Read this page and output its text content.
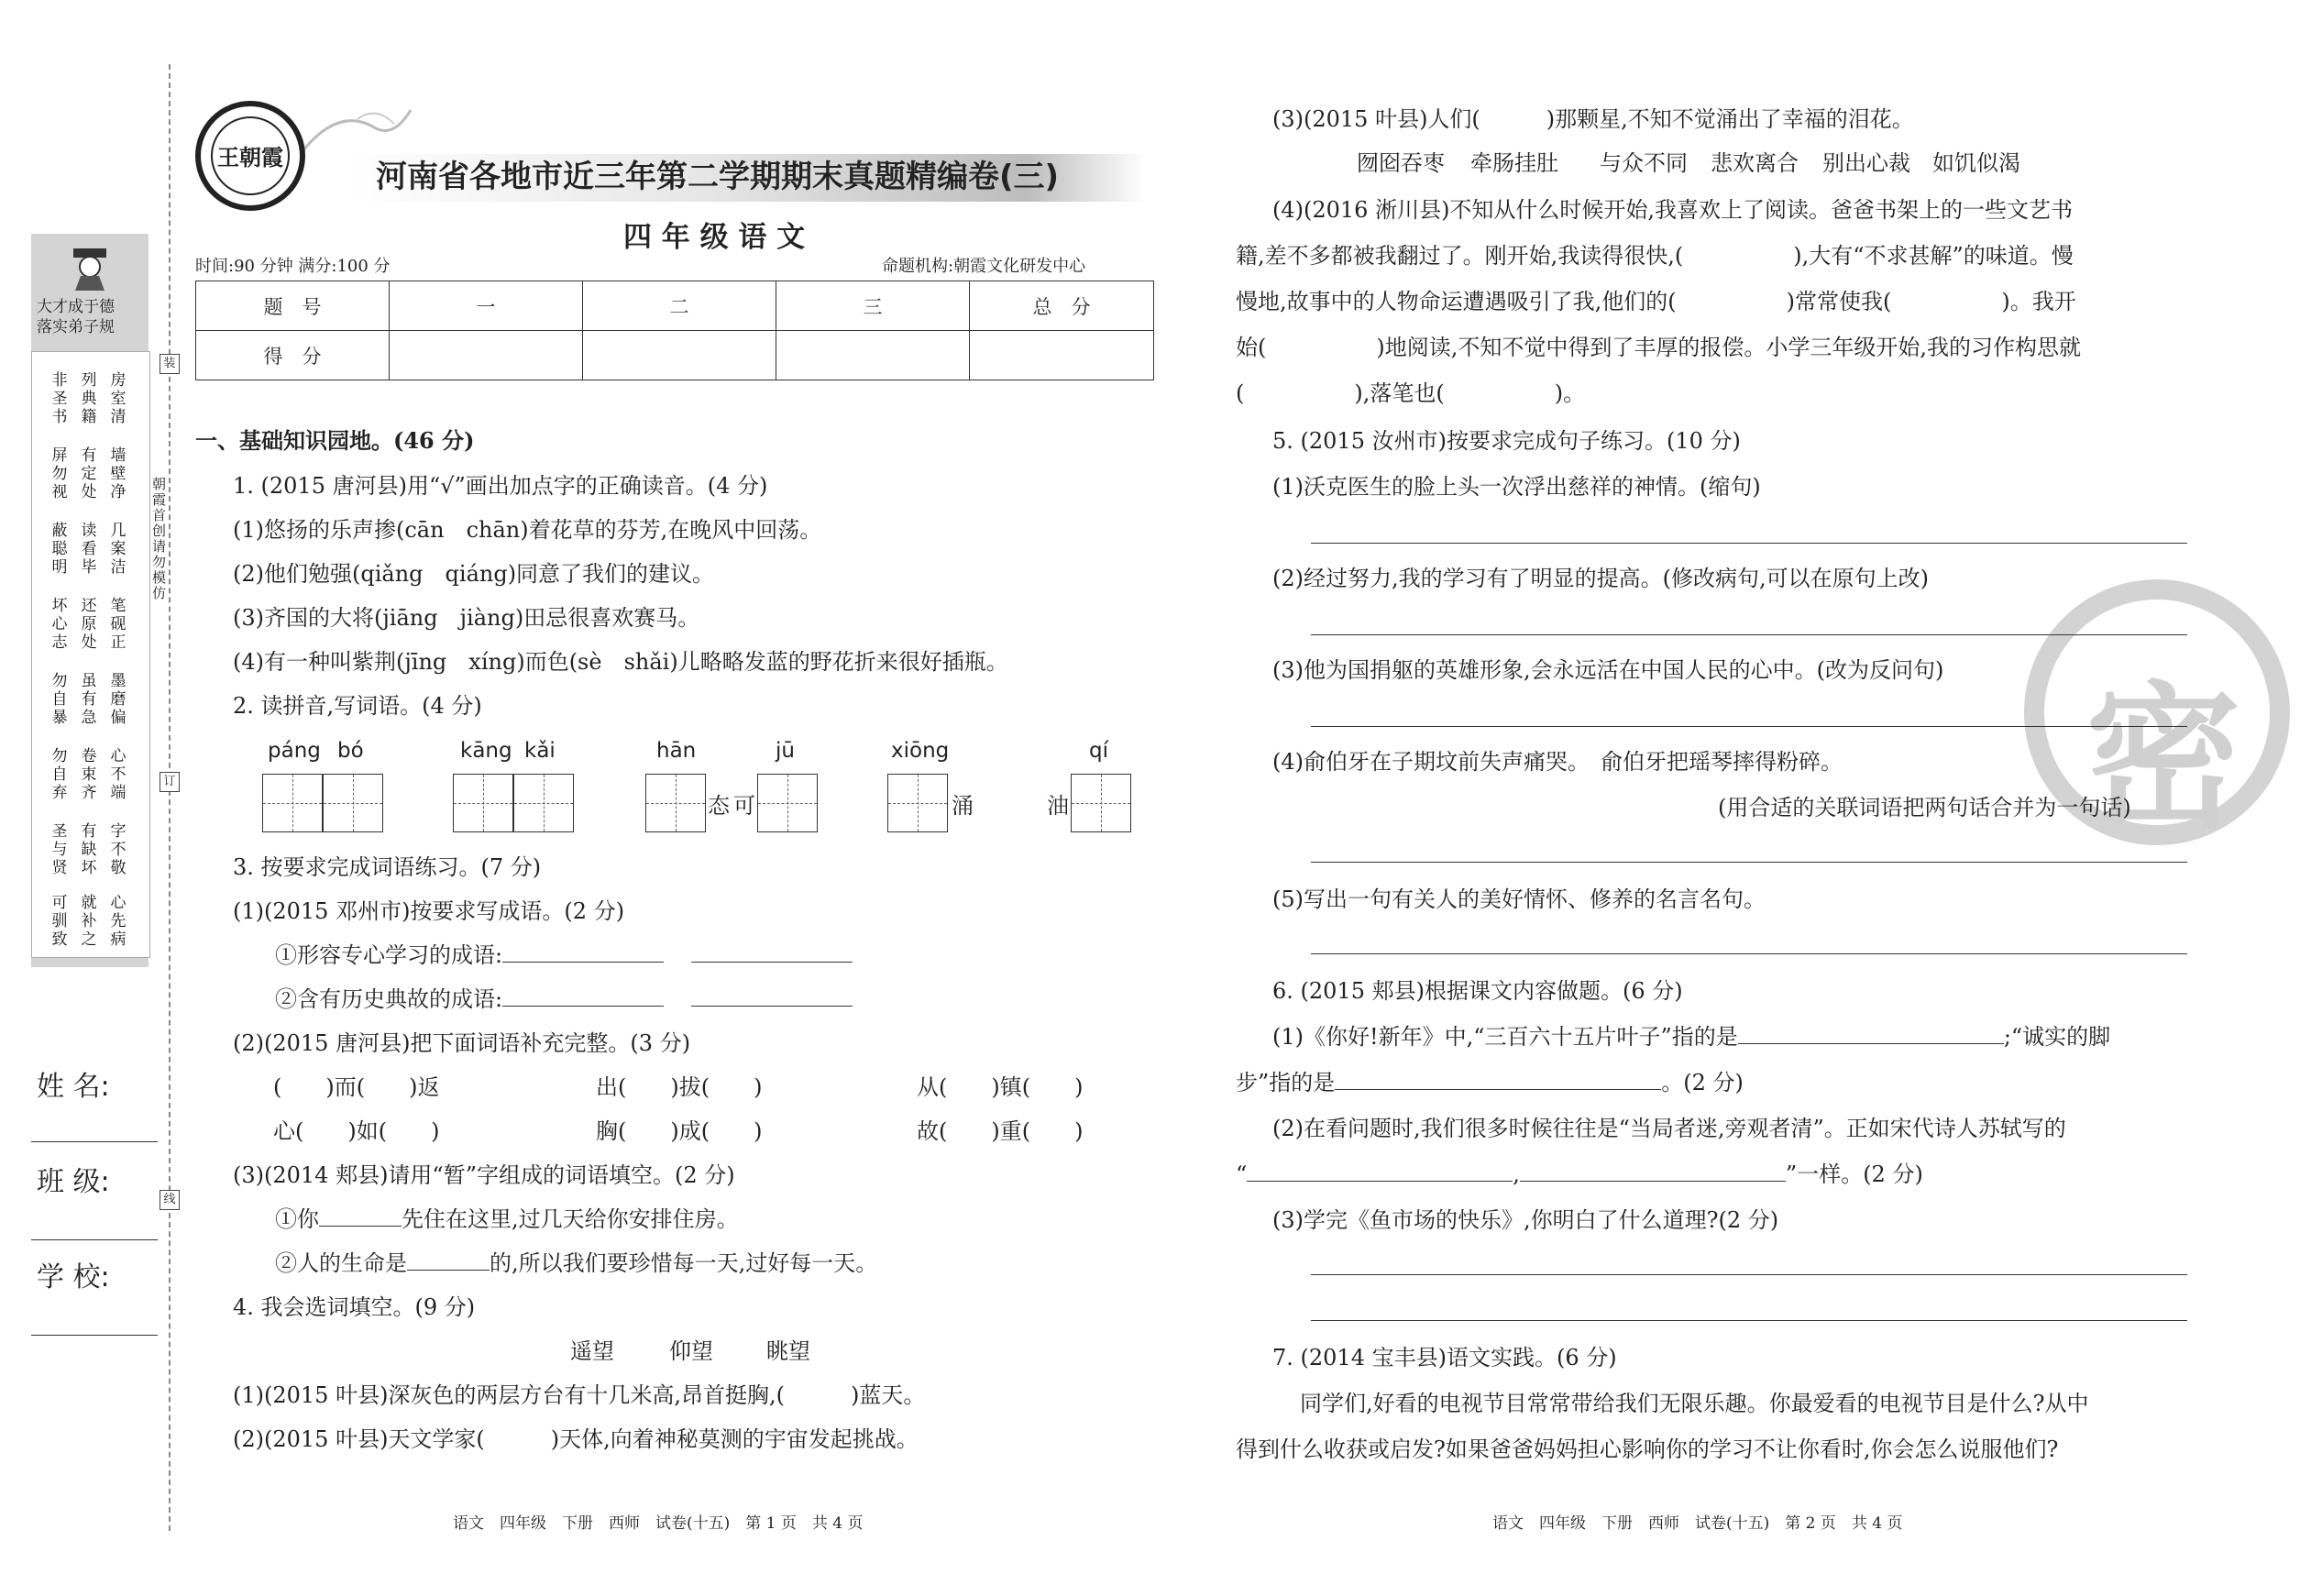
大才成于德
落实弟子规
非圣书
列典籍
房室清
屏勿视
有定处
墙壁净
蔽聪明
读看毕
几案洁
坏心志
还原处
笔砚正
勿自暴
虽有急
墨磨偏
勿自弃
卷束齐
心不端
圣与贤
有缺坏
字不敬
可驯致
就补之
心先病
姓 名:
班 级:
学 校:
装
朝霞首创 请勿模仿
订
线
王朝霞
河南省各地市近三年第二学期期末真题精编卷(三)
四 年 级 语 文
时间:90 分钟 满分:100 分	命题机构:朝霞文化研发中心
题　号	一	二	三	总　分
得　分				
一、基础知识园地。(46 分)
1. (2015 唐河县)用“√”画出加点字的正确读音。(4 分)
(1)悠扬的乐声掺(cān　chān)着花草的芬芳,在晚风中回荡。
(2)他们勉强(qiǎng　qiáng)同意了我们的建议。
(3)齐国的大将(jiāng　jiàng)田忌很喜欢赛马。
(4)有一种叫紫荆(jīng　xíng)而色(sè　shǎi)儿略略发蓝的野花折来很好插瓶。
2. 读拼音,写词语。(4 分)
páng bó	kāng kǎi	hān	jū	xiōng	qí
态 可	涌	油
3. 按要求完成词语练习。(7 分)
(1)(2015 邓州市)按要求写成语。(2 分)
①形容专心学习的成语:
②含有历史典故的成语:
(2)(2015 唐河县)把下面词语补充完整。(3 分)
(　　)而(　　)返	出(　　)拔(　　)	从(　　)镇(　　)
心(　　)如(　　)	胸(　　)成(　　)	故(　　)重(　　)
(3)(2014 郏县)请用“暂”字组成的词语填空。(2 分)
①你	先住在这里,过几天给你安排住房。
②人的生命是	的,所以我们要珍惜每一天,过好每一天。
4. 我会选词填空。(9 分)
遥望	仰望 眺望
(1)(2015 叶县)深灰色的两层方台有十几米高,昂首挺胸,(　　　)蓝天。
(2)(2015 叶县)天文学家(　　　)天体,向着神秘莫测的宇宙发起挑战。
语文　四年级　下册　西师　试卷(十五)　第 1 页　共 4 页
密
(3)(2015 叶县)人们(　　　)那颗星,不知不觉涌出了幸福的泪花。
囫囵吞枣 牵肠挂肚 与众不同 悲欢离合 别出心裁 如饥似渴
(4)(2016 淅川县)不知从什么时候开始,我喜欢上了阅读。爸爸书架上的一些文艺书
籍,差不多都被我翻过了。刚开始,我读得很快,(　　　　　),大有“不求甚解”的味道。慢
慢地,故事中的人物命运遭遇吸引了我,他们的(　　　　　)常常使我(　　　　　)。我开
始(　　　　　)地阅读,不知不觉中得到了丰厚的报偿。小学三年级开始,我的习作构思就
(　　　　　),落笔也(　　　　　)。
5. (2015 汝州市)按要求完成句子练习。(10 分)
(1)沃克医生的脸上头一次浮出慈祥的神情。(缩句)
(2)经过努力,我的学习有了明显的提高。(修改病句,可以在原句上改)
(3)他为国捐躯的英雄形象,会永远活在中国人民的心中。(改为反问句)
(4)俞伯牙在子期坟前失声痛哭。　俞伯牙把瑶琴摔得粉碎。
(用合适的关联词语把两句话合并为一句话)
(5)写出一句有关人的美好情怀、修养的名言名句。
6. (2015 郏县)根据课文内容做题。(6 分)
(1)《你好!新年》中,“三百六十五片叶子”指的是	;“诚实的脚
步”指的是	。(2 分)
(2)在看问题时,我们很多时候往往是“当局者迷,旁观者清”。正如宋代诗人苏轼写的
“	,	”一样。(2 分)
(3)学完《鱼市场的快乐》,你明白了什么道理?(2 分)
7. (2014 宝丰县)语文实践。(6 分)
同学们,好看的电视节目常常带给我们无限乐趣。你最爱看的电视节目是什么?从中
得到什么收获或启发?如果爸爸妈妈担心影响你的学习不让你看时,你会怎么说服他们?
语文　四年级　下册　西师　试卷(十五)　第 2 页　共 4 页
